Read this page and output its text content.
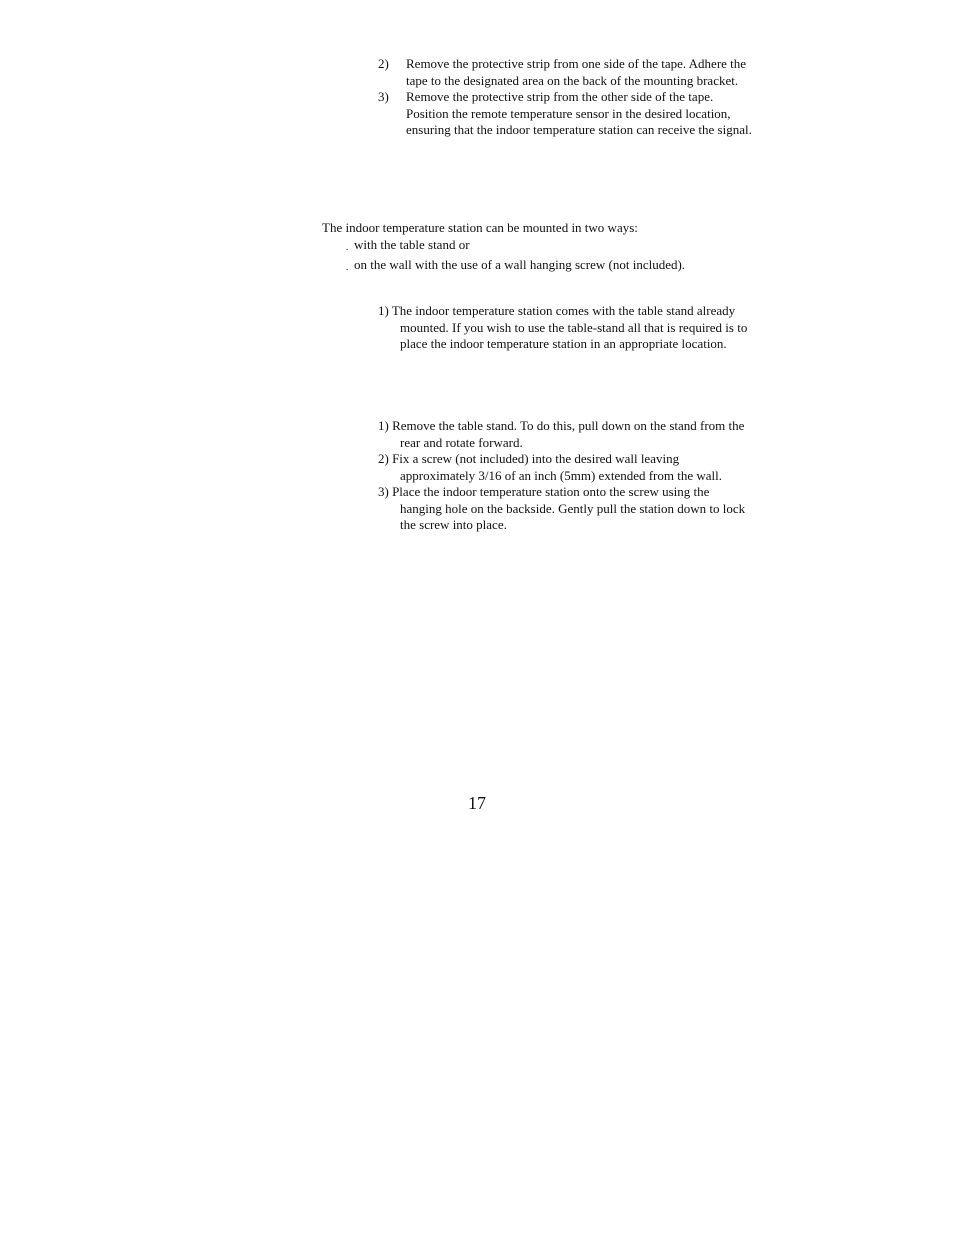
2)	Remove the protective strip from one side of the tape. Adhere the tape to the designated area on the back of the mounting bracket.
3)	Remove the protective strip from the other side of the tape. Position the remote temperature sensor in the desired location, ensuring that the indoor temperature station can receive the signal.
The indoor temperature station can be mounted in two ways:
. with the table stand or
. on the wall with the use of a wall hanging screw (not included).
1) The indoor temperature station comes with the table stand already mounted. If you wish to use the table-stand all that is required is to place the indoor temperature station in an appropriate location.
1) Remove the table stand. To do this, pull down on the stand from the rear and rotate forward.
2) Fix a screw (not included) into the desired wall leaving approximately 3/16 of an inch (5mm) extended from the wall.
3) Place the indoor temperature station onto the screw using the hanging hole on the backside. Gently pull the station down to lock the screw into place.
17
